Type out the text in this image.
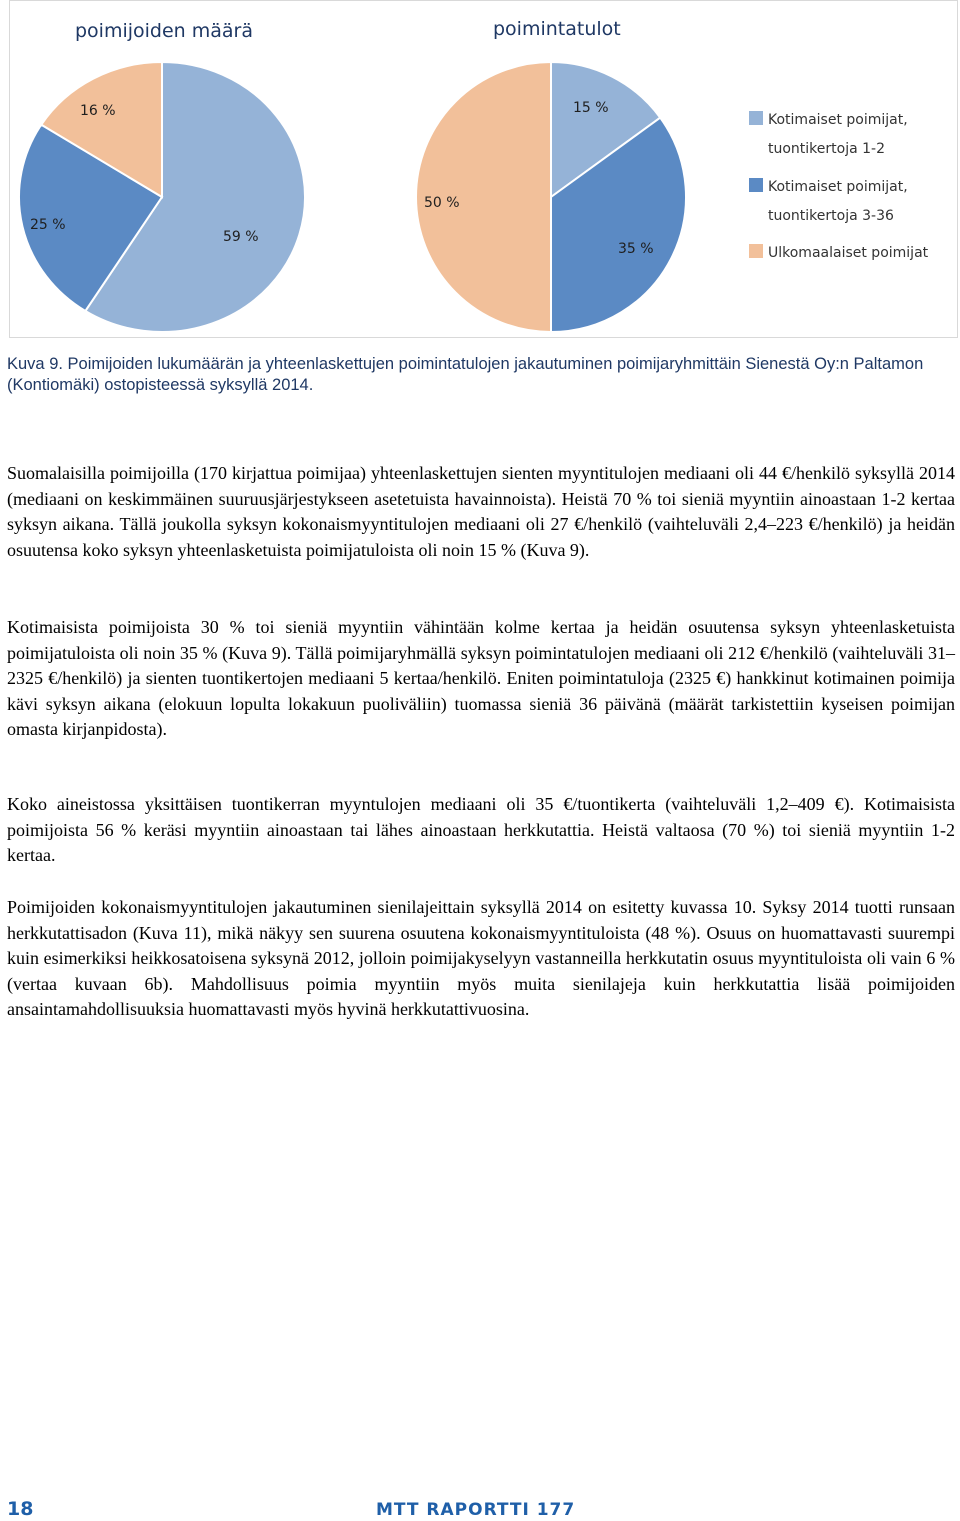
poimijoiden määrä	poimintatulot
59 %
25 %
16 %	15 %
35 %
50 %
Kotimaiset poimijat,
tuontikertoja 1-2
Kotimaiset poimijat,
tuontikertoja 3-36
Ulkomaalaiset poimijat

Kuva 9. Poimijoiden lukumäärän ja yhteenlaskettujen poimintatulojen jakautuminen poimijaryhmittäin Sienestä Oy:n Paltamon (Kontiomäki) ostopisteessä syksyllä 2014.

Suomalaisilla poimijoilla (170 kirjattua poimijaa) yhteenlaskettujen sienten myyntitulojen mediaani oli 44 €/henkilö syksyllä 2014 (mediaani on keskimmäinen suuruusjärjestykseen asetetuista havainnoista). Heistä 70 % toi sieniä myyntiin ainoastaan 1-2 kertaa syksyn aikana. Tällä joukolla syksyn kokonaismyyntitulojen mediaani oli 27 €/henkilö (vaihteluväli 2,4‒223 €/henkilö) ja heidän osuutensa koko syksyn yhteenlasketuista poimijatuloista oli noin 15 % (Kuva 9).

Kotimaisista poimijoista 30 % toi sieniä myyntiin vähintään kolme kertaa ja heidän osuutensa syksyn yhteenlasketuista poimijatuloista oli noin 35 % (Kuva 9). Tällä poimijaryhmällä syksyn poimintatulojen mediaani oli 212 €/henkilö (vaihteluväli 31‒2325 €/henkilö) ja sienten tuontikertojen mediaani 5 kertaa/henkilö. Eniten poimintatuloja (2325 €) hankkinut kotimainen poimija kävi syksyn aikana (elokuun lopulta lokakuun puoliväliin) tuomassa sieniä 36 päivänä (määrät tarkistettiin kyseisen poimijan omasta kirjanpidosta).

Koko aineistossa yksittäisen tuontikerran myyntulojen mediaani oli 35 €/tuontikerta (vaihteluväli 1,2‒409 €). Kotimaisista poimijoista 56 % keräsi myyntiin ainoastaan tai lähes ainoastaan herkkutattia. Heistä valtaosa (70 %) toi sieniä myyntiin 1-2 kertaa.

Poimijoiden kokonaismyyntitulojen jakautuminen sienilajeittain syksyllä 2014 on esitetty kuvassa 10. Syksy 2014 tuotti runsaan herkkutattisadon (Kuva 11), mikä näkyy sen suurena osuutena kokonaismyyntituloista (48 %). Osuus on huomattavasti suurempi kuin esimerkiksi heikkosatoisena syksynä 2012, jolloin poimijakyselyyn vastanneilla herkkutatin osuus myyntituloista oli vain 6 % (vertaa kuvaan 6b). Mahdollisuus poimia myyntiin myös muita sienilajeja kuin herkkutattia lisää poimijoiden ansaintamahdollisuuksia huomattavasti myös hyvinä herkkutattivuosina.

18	MTT RAPORTTI 177
